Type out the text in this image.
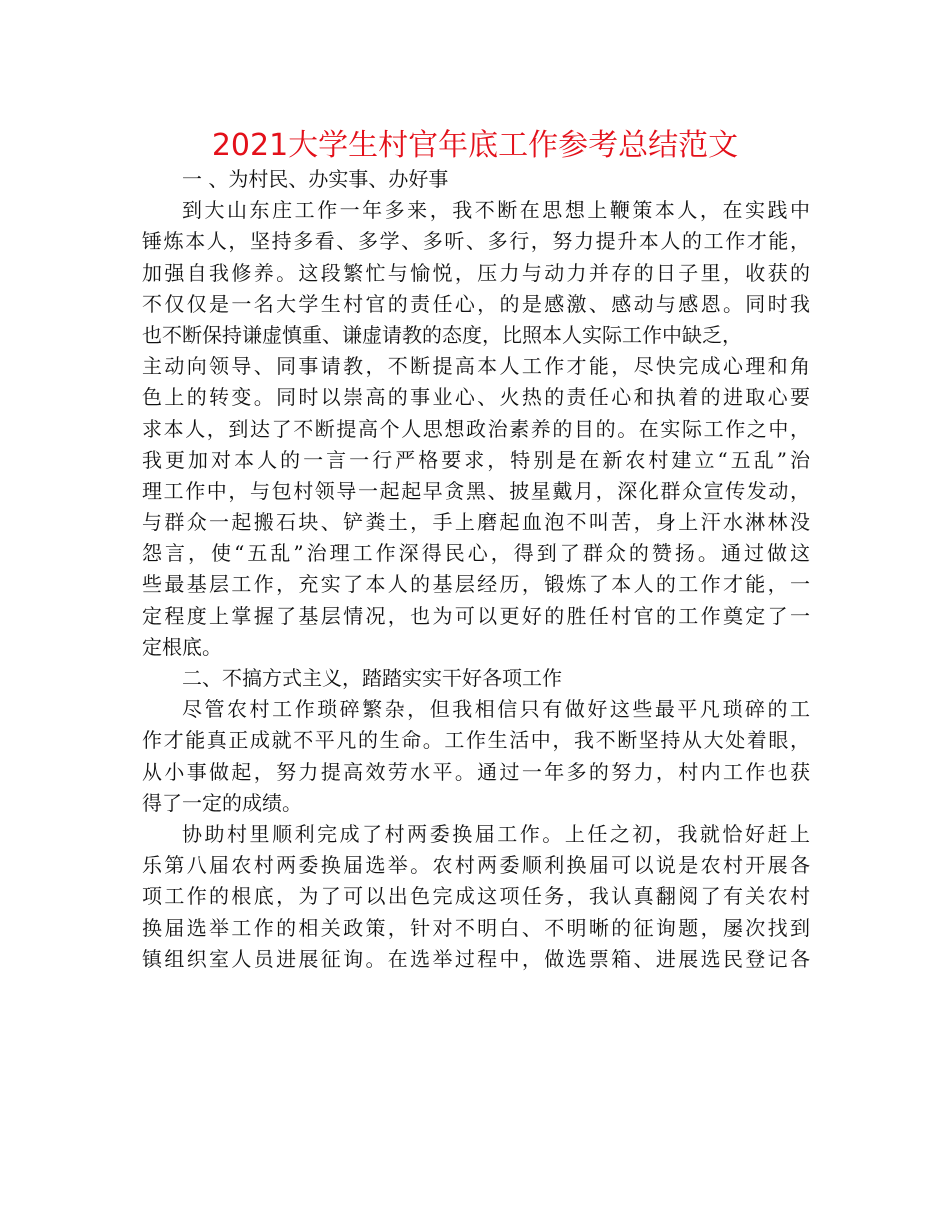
2021大学生村官年底工作参考总结范文
一 、为村民、办实事、办好事
到大山东庄工作一年多来，我不断在思想上鞭策本人，在实践中
锤炼本人，坚持多看、多学、多听、多行，努力提升本人的工作才能，
加强自我修养。这段繁忙与愉悦，压力与动力并存的日子里，收获的
不仅仅是一名大学生村官的责任心，的是感激、感动与感恩。同时我
也不断保持谦虚慎重、谦虚请教的态度，比照本人实际工作中缺乏，
主动向领导、同事请教，不断提高本人工作才能，尽快完成心理和角
色上的转变。同时以崇高的事业心、火热的责任心和执着的进取心要
求本人，到达了不断提高个人思想政治素养的目的。在实际工作之中，
我更加对本人的一言一行严格要求，特别是在新农村建立“五乱”治
理工作中，与包村领导一起起早贪黑、披星戴月，深化群众宣传发动，
与群众一起搬石块、铲粪土，手上磨起血泡不叫苦，身上汗水淋林没
怨言，使“五乱”治理工作深得民心，得到了群众的赞扬。通过做这
些最基层工作，充实了本人的基层经历，锻炼了本人的工作才能，一
定程度上掌握了基层情况，也为可以更好的胜任村官的工作奠定了一
定根底。
二、不搞方式主义，踏踏实实干好各项工作
尽管农村工作琐碎繁杂，但我相信只有做好这些最平凡琐碎的工
作才能真正成就不平凡的生命。工作生活中，我不断坚持从大处着眼，
从小事做起，努力提高效劳水平。通过一年多的努力，村内工作也获
得了一定的成绩。
协助村里顺利完成了村两委换届工作。上任之初，我就恰好赶上
乐第八届农村两委换届选举。农村两委顺利换届可以说是农村开展各
项工作的根底，为了可以出色完成这项任务，我认真翻阅了有关农村
换届选举工作的相关政策，针对不明白、不明晰的征询题，屡次找到
镇组织室人员进展征询。在选举过程中，做选票箱、进展选民登记各
